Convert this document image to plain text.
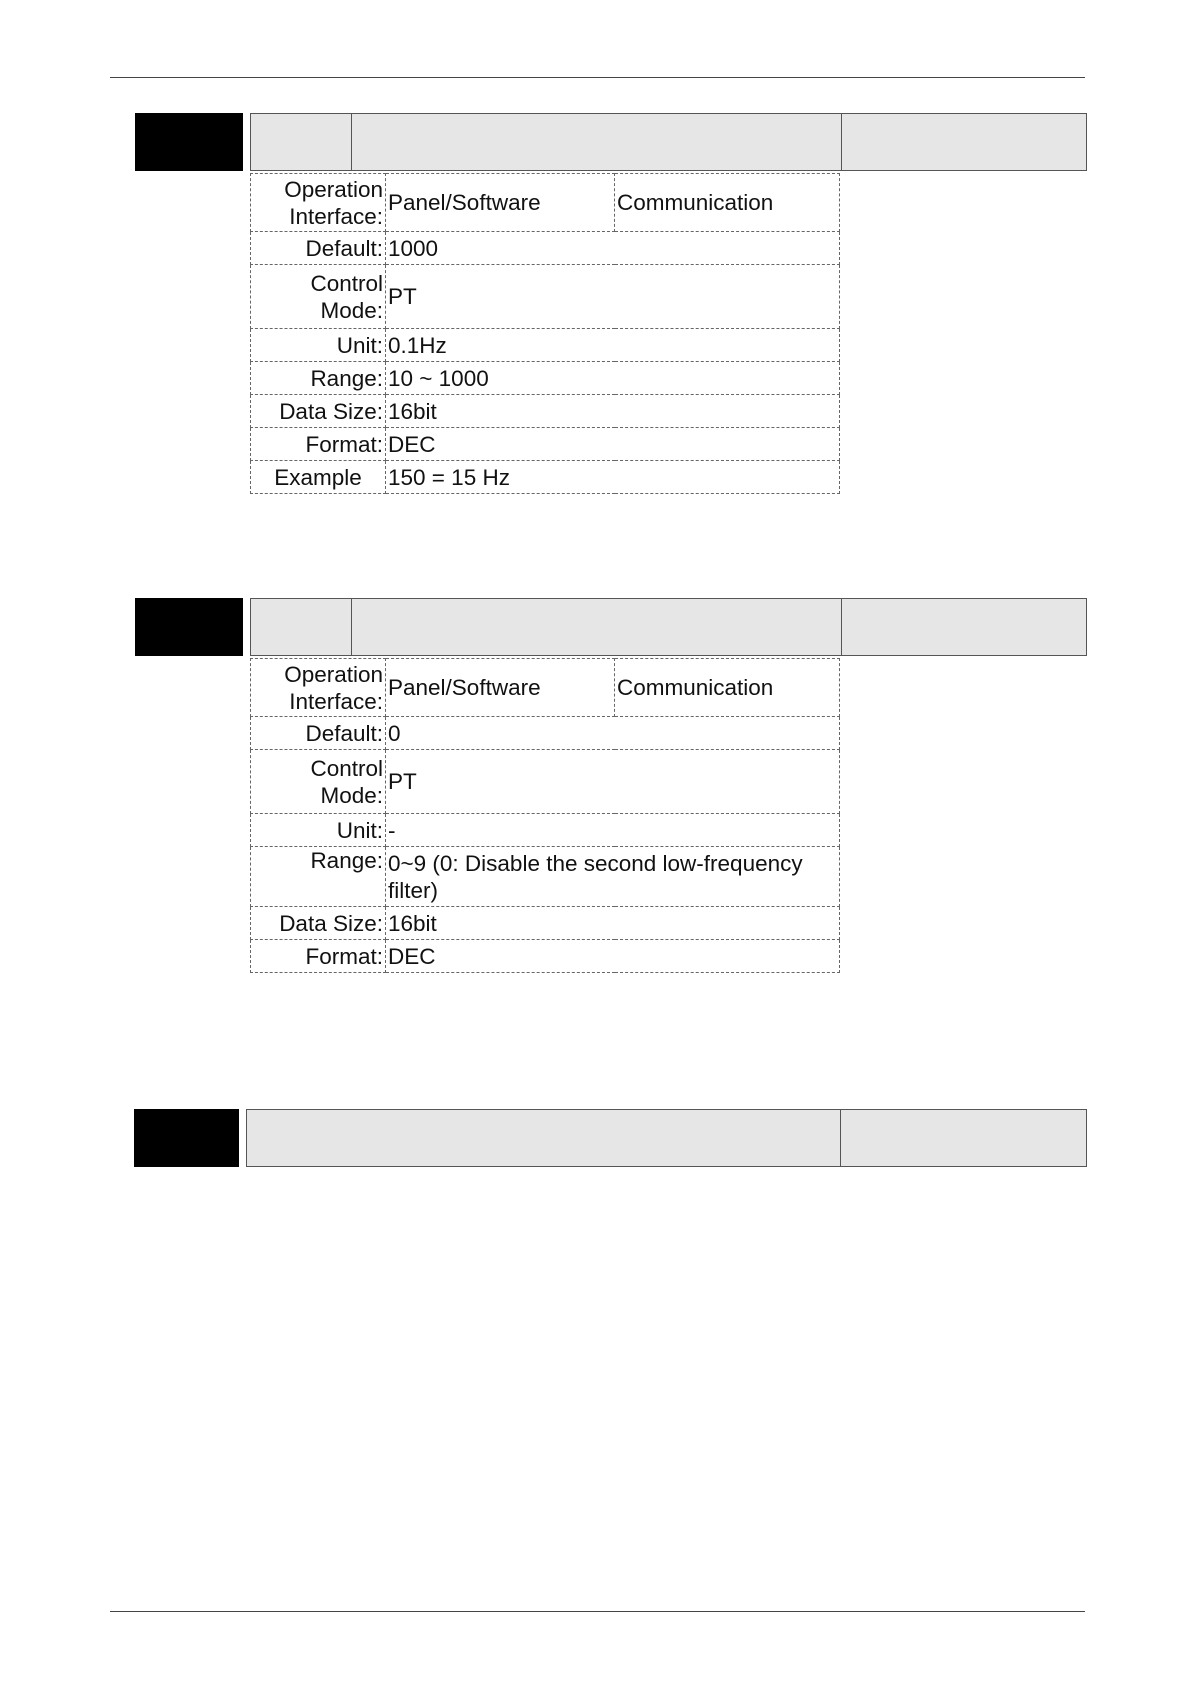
Operation Interface:	Panel/Software	Communication
Default:	1000	
Control Mode:	PT	
Unit:	0.1Hz	
Range:	10 ~ 1000	
Data Size:	16bit	
Format:	DEC	
Example	150 = 15 Hz	
Operation Interface:	Panel/Software	Communication
Default:	0	
Control Mode:	PT	
Unit:	-	
Range:	0~9 (0: Disable the second low-frequency filter)	
Data Size:	16bit	
Format:	DEC	
